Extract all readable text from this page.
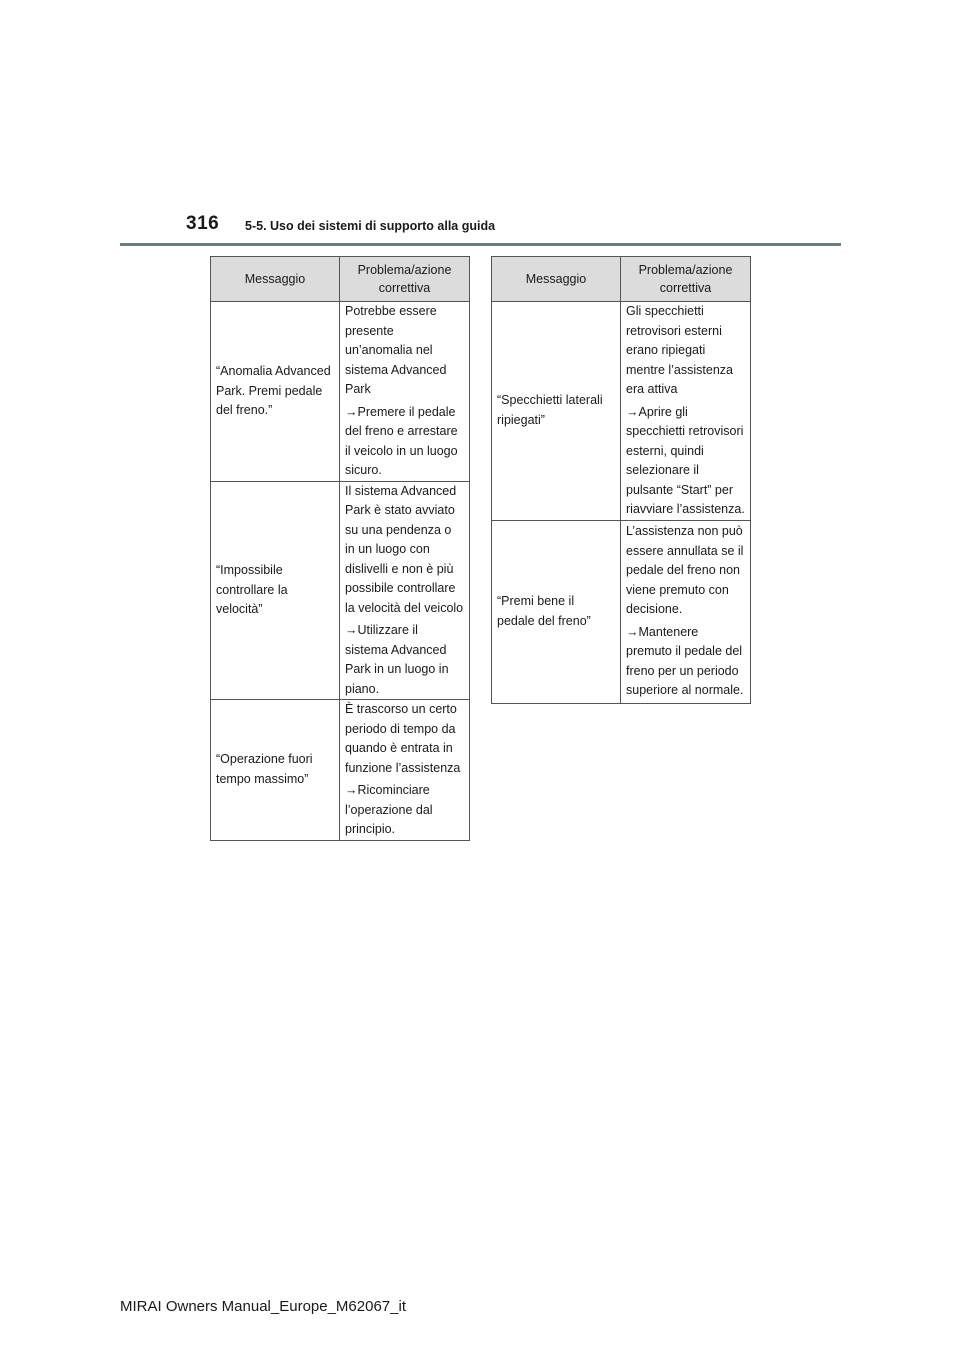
316 5-5. Uso dei sistemi di supporto alla guida
Messaggio	Problema/azione correttiva
“Anomalia Advanced Park. Premi pedale del freno.”	Potrebbe essere presente un’anomalia nel sistema Advanced Park
→ Premere il pedale del freno e arrestare il veicolo in un luogo sicuro.

“Impossibile controllare la velocità”	Il sistema Advanced Park è stato avviato su una pendenza o in un luogo con dislivelli e non è più possibile controllare la velocità del veicolo
→ Utilizzare il sistema Advanced Park in un luogo in piano.

“Operazione fuori tempo massimo”	È trascorso un certo periodo di tempo da quando è entrata in funzione l’assistenza
→ Ricominciare l’operazione dal principio.
Messaggio	Problema/azione correttiva
“Specchietti laterali ripiegati”	Gli specchietti retrovisori esterni erano ripiegati mentre l’assistenza era attiva
→ Aprire gli specchietti retrovisori esterni, quindi selezionare il pulsante “Start” per riavviare l’assistenza.

“Premi bene il pedale del freno”	L’assistenza non può essere annullata se il pedale del freno non viene premuto con decisione.
→ Mantenere premuto il pedale del freno per un periodo superiore al normale.
MIRAI Owners Manual_Europe_M62067_it
